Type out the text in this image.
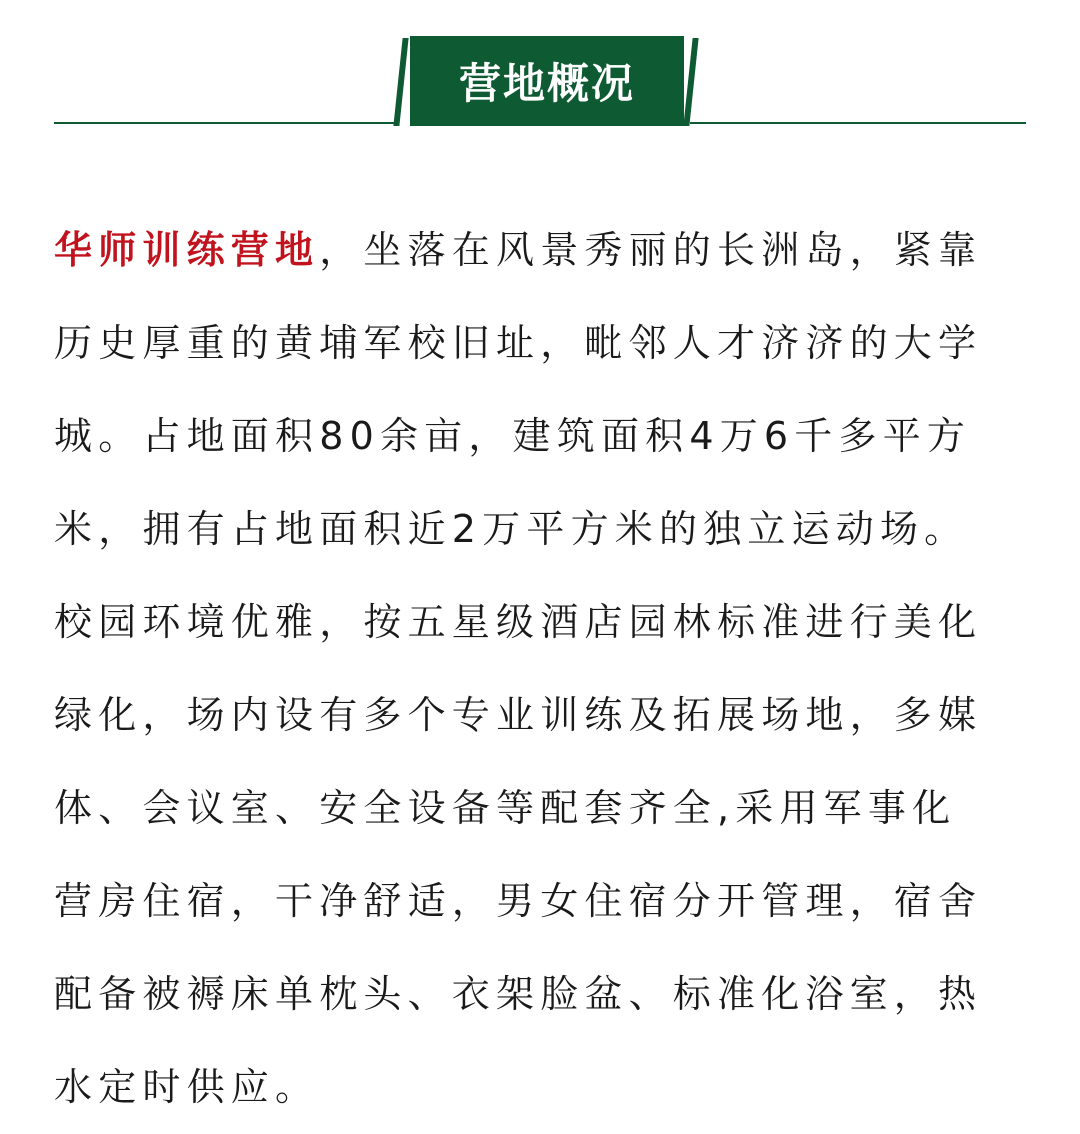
营地概况
华师训练营地，坐落在风景秀丽的长洲岛，紧靠
历史厚重的黄埔军校旧址，毗邻人才济济的大学
城。占地面积80余亩，建筑面积4万6千多平方
米，拥有占地面积近2万平方米的独立运动场。
校园环境优雅，按五星级酒店园林标准进行美化
绿化，场内设有多个专业训练及拓展场地，多媒
体、会议室、安全设备等配套齐全,采用军事化
营房住宿，干净舒适，男女住宿分开管理，宿舍
配备被褥床单枕头、衣架脸盆、标准化浴室，热
水定时供应。
